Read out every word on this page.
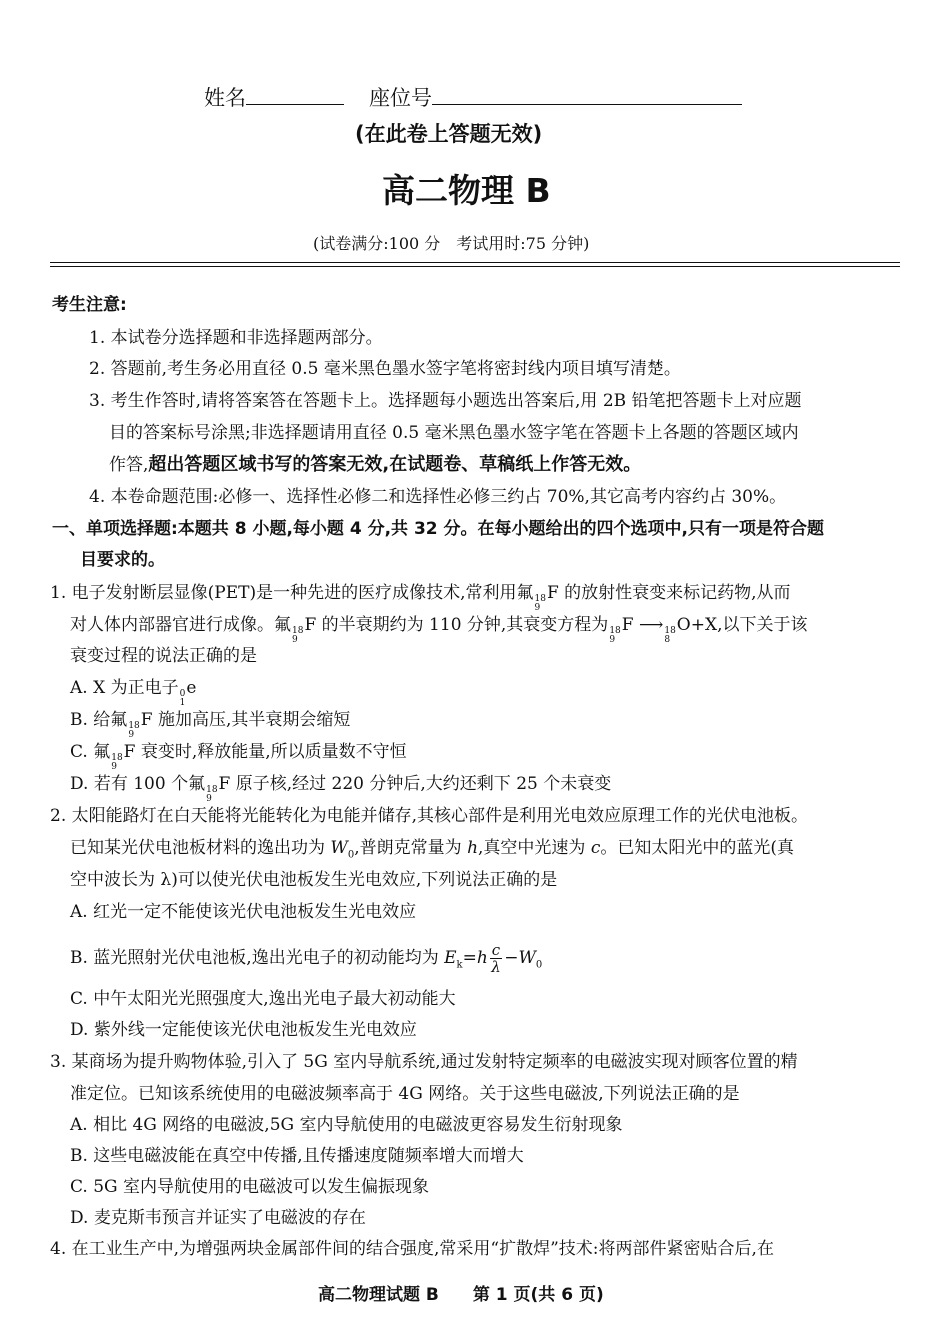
姓名	座位号
(在此卷上答题无效)
高二物理 B
(试卷满分:100 分　考试用时:75 分钟)
考生注意:
1. 本试卷分选择题和非选择题两部分。
2. 答题前,考生务必用直径 0.5 毫米黑色墨水签字笔将密封线内项目填写清楚。
3. 考生作答时,请将答案答在答题卡上。选择题每小题选出答案后,用 2B 铅笔把答题卡上对应题
目的答案标号涂黑;非选择题请用直径 0.5 毫米黑色墨水签字笔在答题卡上各题的答题区域内
作答,超出答题区域书写的答案无效,在试题卷、草稿纸上作答无效。
4. 本卷命题范围:必修一、选择性必修二和选择性必修三约占 70%,其它高考内容约占 30%。
一、单项选择题:本题共 8 小题,每小题 4 分,共 32 分。在每小题给出的四个选项中,只有一项是符合题
目要求的。
1. 电子发射断层显像(PET)是一种先进的医疗成像技术,常利用氟 18
9
F 的放射性衰变来标记药物,从而
对人体内部器官进行成像。氟 18
9
F 的半衰期约为 110 分钟,其衰变方程为 18
9
F ⟶ 18
8
O+X,以下关于该
衰变过程的说法正确的是
A. X 为正电子 0
1
e
B. 给氟 18
9
F 施加高压,其半衰期会缩短
C. 氟 18
9
F 衰变时,释放能量,所以质量数不守恒
D. 若有 100 个氟 18
9
F 原子核,经过 220 分钟后,大约还剩下 25 个未衰变
2. 太阳能路灯在白天能将光能转化为电能并储存,其核心部件是利用光电效应原理工作的光伏电池板。
已知某光伏电池板材料的逸出功为 $W_0$,普朗克常量为 h,真空中光速为 c。已知太阳光中的蓝光(真
空中波长为 λ)可以使光伏电池板发生光电效应,下列说法正确的是
A. 红光一定不能使该光伏电池板发生光电效应
B. 蓝光照射光伏电池板,逸出光电子的初动能均为 $E_k=h \frac{c}{\lambda} -W_0$
C. 中午太阳光光照强度大,逸出光电子最大初动能大
D. 紫外线一定能使该光伏电池板发生光电效应
3. 某商场为提升购物体验,引入了 5G 室内导航系统,通过发射特定频率的电磁波实现对顾客位置的精
准定位。已知该系统使用的电磁波频率高于 4G 网络。关于这些电磁波,下列说法正确的是
A. 相比 4G 网络的电磁波,5G 室内导航使用的电磁波更容易发生衍射现象
B. 这些电磁波能在真空中传播,且传播速度随频率增大而增大
C. 5G 室内导航使用的电磁波可以发生偏振现象
D. 麦克斯韦预言并证实了电磁波的存在
4. 在工业生产中,为增强两块金属部件间的结合强度,常采用“扩散焊”技术:将两部件紧密贴合后,在
高二物理试题 B　　第 1 页(共 6 页)
